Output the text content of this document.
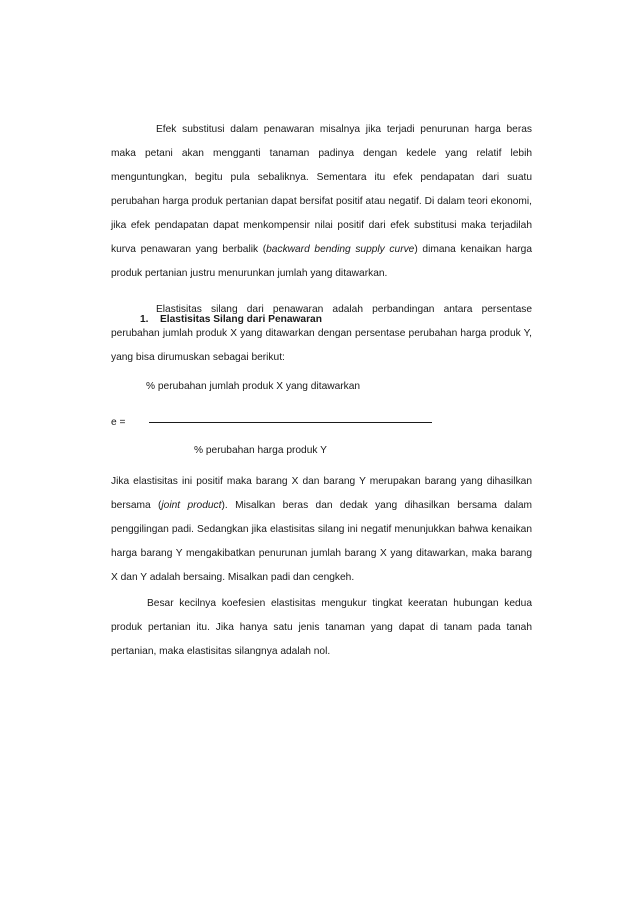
Efek substitusi dalam penawaran misalnya jika terjadi penurunan harga beras maka petani akan mengganti tanaman padinya dengan kedele yang relatif lebih menguntungkan, begitu pula sebaliknya. Sementara itu efek pendapatan dari suatu perubahan harga produk pertanian dapat bersifat positif atau negatif. Di dalam teori ekonomi, jika efek pendapatan dapat menkompensir nilai positif dari efek substitusi maka terjadilah kurva penawaran yang berbalik (backward bending supply curve) dimana kenaikan harga produk pertanian justru menurunkan jumlah yang ditawarkan.

1. Elastisitas Silang dari Penawaran

Elastisitas silang dari penawaran adalah perbandingan antara persentase perubahan jumlah produk X yang ditawarkan dengan persentase perubahan harga produk Y, yang bisa dirumuskan sebagai berikut:

% perubahan jumlah produk X yang ditawarkan
e =
% perubahan harga produk Y

Jika elastisitas ini positif maka barang X dan barang Y merupakan barang yang dihasilkan bersama (joint product). Misalkan beras dan dedak yang dihasilkan bersama dalam penggilingan padi. Sedangkan jika elastisitas silang ini negatif menunjukkan bahwa kenaikan harga barang Y mengakibatkan penurunan jumlah barang X yang ditawarkan, maka barang X dan Y adalah bersaing. Misalkan padi dan cengkeh.

Besar kecilnya koefesien elastisitas mengukur tingkat keeratan hubungan kedua produk pertanian itu. Jika hanya satu jenis tanaman yang dapat di tanam pada tanah pertanian, maka elastisitas silangnya adalah nol.
